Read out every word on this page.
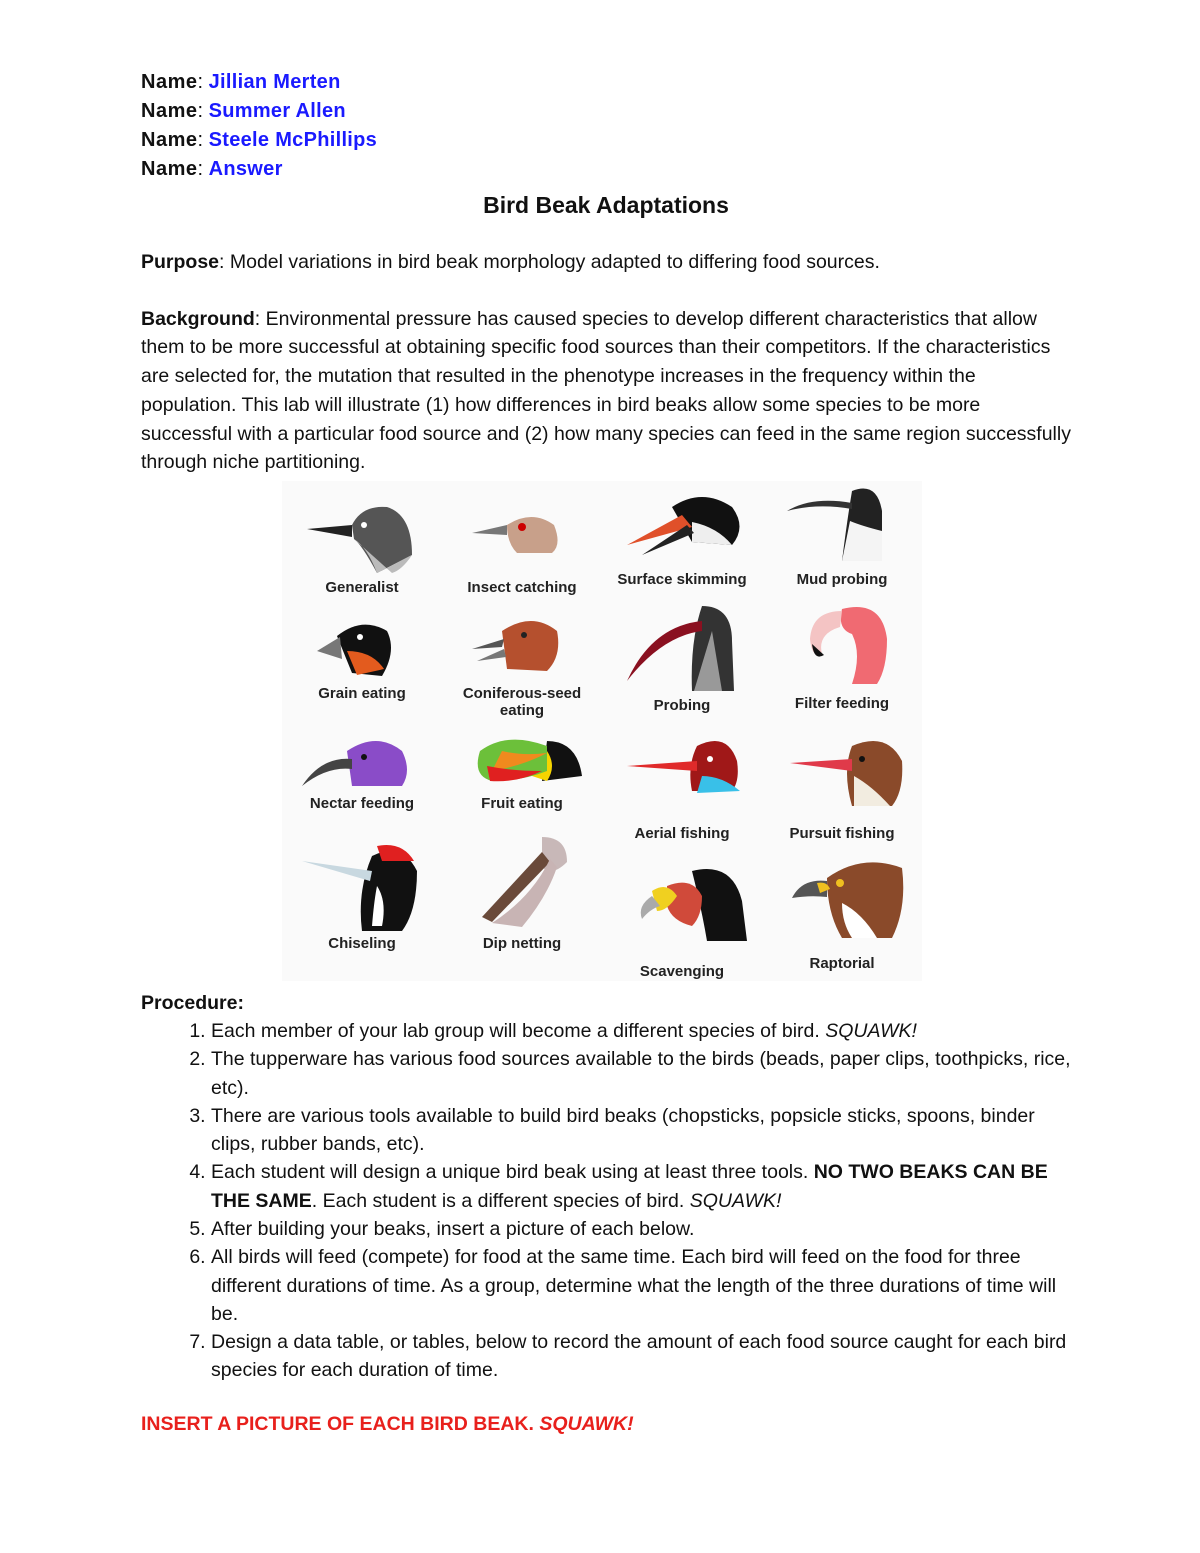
Name: Jillian Merten
Name: Summer Allen
Name: Steele McPhillips
Name: Answer
Bird Beak Adaptations

Purpose: Model variations in bird beak morphology adapted to differing food sources.

Background: Environmental pressure has caused species to develop different characteristics that allow them to be more successful at obtaining specific food sources than their competitors. If the characteristics are selected for, the mutation that resulted in the phenotype increases in the frequency within the population. This lab will illustrate (1) how differences in bird beaks allow some species to be more successful with a particular food source and (2) how many species can feed in the same region successfully through niche partitioning.

Generalist	Insect catching	Surface skimming	Mud probing
Grain eating	Coniferous-seed eating	Probing	Filter feeding
Nectar feeding	Fruit eating
Aerial fishing	Pursuit fishing
Chiseling	Dip netting
Scavenging	Raptorial
Procedure:
1. Each member of your lab group will become a different species of bird. SQUAWK!
2. The tupperware has various food sources available to the birds (beads, paper clips, toothpicks, rice, etc).
3. There are various tools available to build bird beaks (chopsticks, popsicle sticks, spoons, binder clips, rubber bands, etc).
4. Each student will design a unique bird beak using at least three tools. NO TWO BEAKS CAN BE THE SAME. Each student is a different species of bird. SQUAWK!
5. After building your beaks, insert a picture of each below.
6. All birds will feed (compete) for food at the same time. Each bird will feed on the food for three different durations of time. As a group, determine what the length of the three durations of time will be.
7. Design a data table, or tables, below to record the amount of each food source caught for each bird species for each duration of time.
INSERT A PICTURE OF EACH BIRD BEAK. SQUAWK!
